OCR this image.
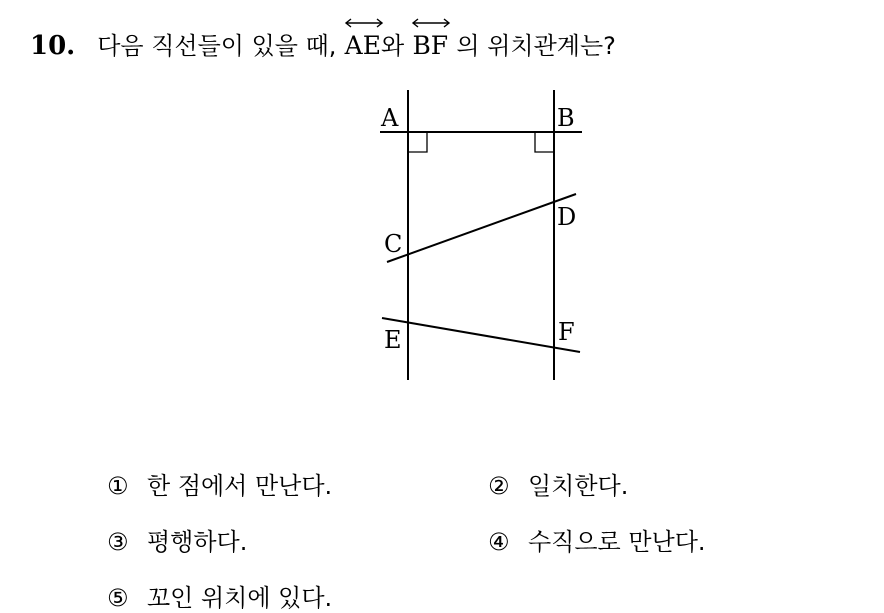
10. 다음 직선들이 있을 때, AE와 BF 의 위치관계는?
A	B
C
D
E	F
① 한 점에서 만난다.	② 일치한다.
③ 평행하다.	④ 수직으로 만난다.
⑤ 꼬인 위치에 있다.
